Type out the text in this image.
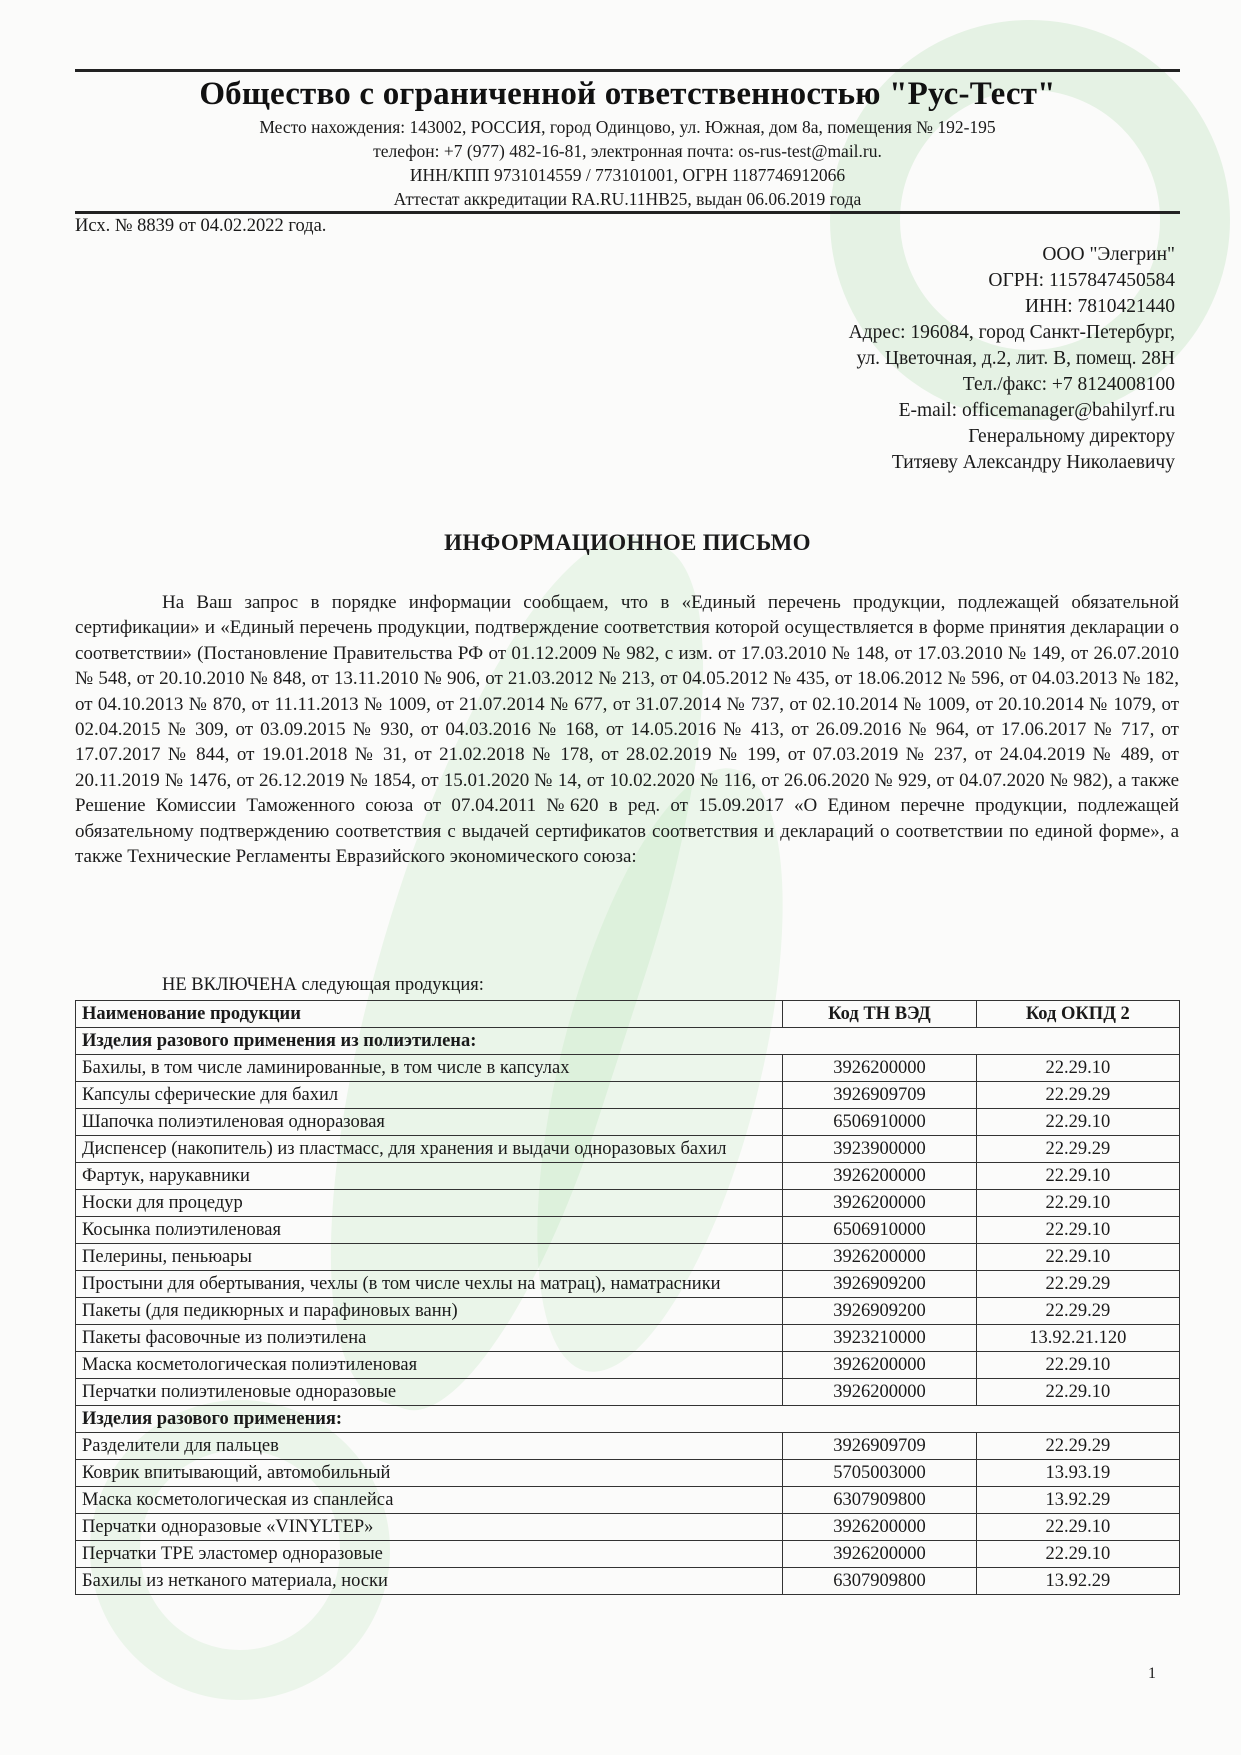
Общество с ограниченной ответственностью "Рус-Тест"
Место нахождения: 143002, РОССИЯ, город Одинцово, ул. Южная, дом 8а, помещения № 192-195
телефон: +7 (977) 482-16-81, электронная почта: os-rus-test@mail.ru.
ИНН/КПП 9731014559 / 773101001, ОГРН 1187746912066
Аттестат аккредитации RA.RU.11НВ25, выдан 06.06.2019 года
Исх. № 8839 от 04.02.2022 года.
ООО "Элегрин"
ОГРН: 1157847450584
ИНН: 7810421440
Адрес: 196084, город Санкт-Петербург,
ул. Цветочная, д.2, лит. В, помещ. 28Н
Тел./факс: +7 8124008100
E-mail: officemanager@bahilyrf.ru
Генеральному директору
Титяеву Александру Николаевичу
ИНФОРМАЦИОННОЕ ПИСЬМО
На Ваш запрос в порядке информации сообщаем, что в «Единый перечень продукции, подлежащей обязательной сертификации» и «Единый перечень продукции, подтверждение соответствия которой осуществляется в форме принятия декларации о соответствии» (Постановление Правительства РФ от 01.12.2009 № 982, с изм. от 17.03.2010 № 148, от 17.03.2010 № 149, от 26.07.2010 № 548, от 20.10.2010 № 848, от 13.11.2010 № 906, от 21.03.2012 № 213, от 04.05.2012 № 435, от 18.06.2012 № 596, от 04.03.2013 № 182, от 04.10.2013 № 870, от 11.11.2013 № 1009, от 21.07.2014 № 677, от 31.07.2014 № 737, от 02.10.2014 № 1009, от 20.10.2014 № 1079, от 02.04.2015 № 309, от 03.09.2015 № 930, от 04.03.2016 № 168, от 14.05.2016 № 413, от 26.09.2016 № 964, от 17.06.2017 № 717, от 17.07.2017 № 844, от 19.01.2018 № 31, от 21.02.2018 № 178, от 28.02.2019 № 199, от 07.03.2019 № 237, от 24.04.2019 № 489, от 20.11.2019 № 1476, от 26.12.2019 № 1854, от 15.01.2020 № 14, от 10.02.2020 № 116, от 26.06.2020 № 929, от 04.07.2020 № 982), а также Решение Комиссии Таможенного союза от 07.04.2011 №620 в ред. от 15.09.2017 «О Едином перечне продукции, подлежащей обязательному подтверждению соответствия с выдачей сертификатов соответствия и деклараций о соответствии по единой форме», а также Технические Регламенты Евразийского экономического союза:
НЕ ВКЛЮЧЕНА следующая продукция:
Наименование продукции	Код ТН ВЭД	Код ОКПД 2
Изделия разового применения из полиэтилена:		
Бахилы, в том числе ламинированные, в том числе в капсулах	3926200000	22.29.10
Капсулы сферические для бахил	3926909709	22.29.29
Шапочка полиэтиленовая одноразовая	6506910000	22.29.10
Диспенсер (накопитель) из пластмасс, для хранения и выдачи одноразовых бахил	3923900000	22.29.29
Фартук, нарукавники	3926200000	22.29.10
Носки для процедур	3926200000	22.29.10
Косынка полиэтиленовая	6506910000	22.29.10
Пелерины, пеньюары	3926200000	22.29.10
Простыни для обертывания, чехлы (в том числе чехлы на матрац), наматрасники	3926909200	22.29.29
Пакеты (для педикюрных и парафиновых ванн)	3926909200	22.29.29
Пакеты фасовочные из полиэтилена	3923210000	13.92.21.120
Маска косметологическая полиэтиленовая	3926200000	22.29.10
Перчатки полиэтиленовые одноразовые	3926200000	22.29.10
Изделия разового применения:		
Разделители для пальцев	3926909709	22.29.29
Коврик впитывающий, автомобильный	5705003000	13.93.19
Маска косметологическая из спанлейса	6307909800	13.92.29
Перчатки одноразовые «VINYLTEP»	3926200000	22.29.10
Перчатки TPE эластомер одноразовые	3926200000	22.29.10
Бахилы из нетканого материала, носки	6307909800	13.92.29
1
